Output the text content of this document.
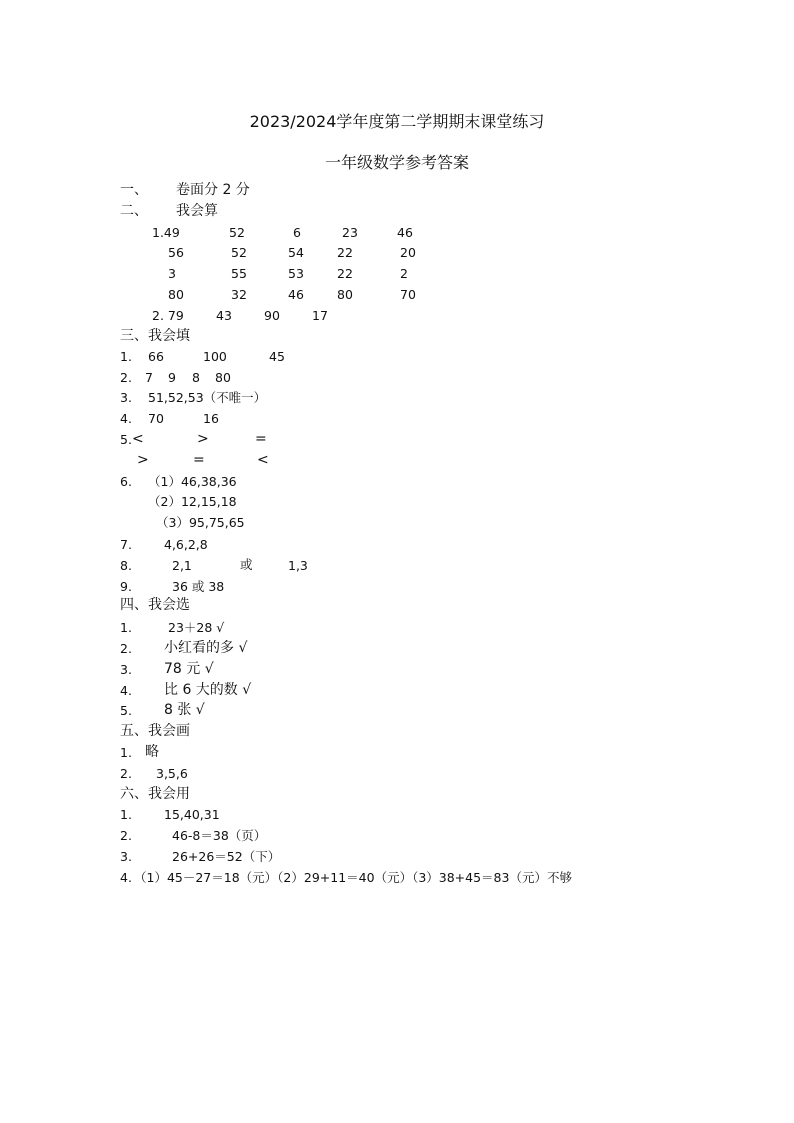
2023/2024学年度第二学期期末课堂练习
一年级数学参考答案
一、 卷面分 2 分
二、 我会算
1.49	52	6	23	46
56	52	54	22	20
3	55	53	22	2
80	32	46	80	70
2. 79	43	90	17
三、我会填
1. 66	100	45
2. 7 9 8 80
3. 51,52,53（不唯一）
4. 70	16
5. <	>	=
>	=	<
6. （1）46,38,36
（2）12,15,18
（3）95,75,65
7.	4,6,2,8
8.	2,1	或	1,3
9.	36 或 38
四、我会选
1.	23＋28 √
2. 小红看的多 √
3. 78 元 √
4. 比 6 大的数 √
5. 8 张 √
五、我会画
1. 略
2. 3,5,6
六、我会用
1.	15,40,31
2.	46-8＝38（页）
3.	26+26＝52（下）
4. （1）45－27＝18（元）（2）29+11＝40（元）（3）38+45＝83（元）不够
